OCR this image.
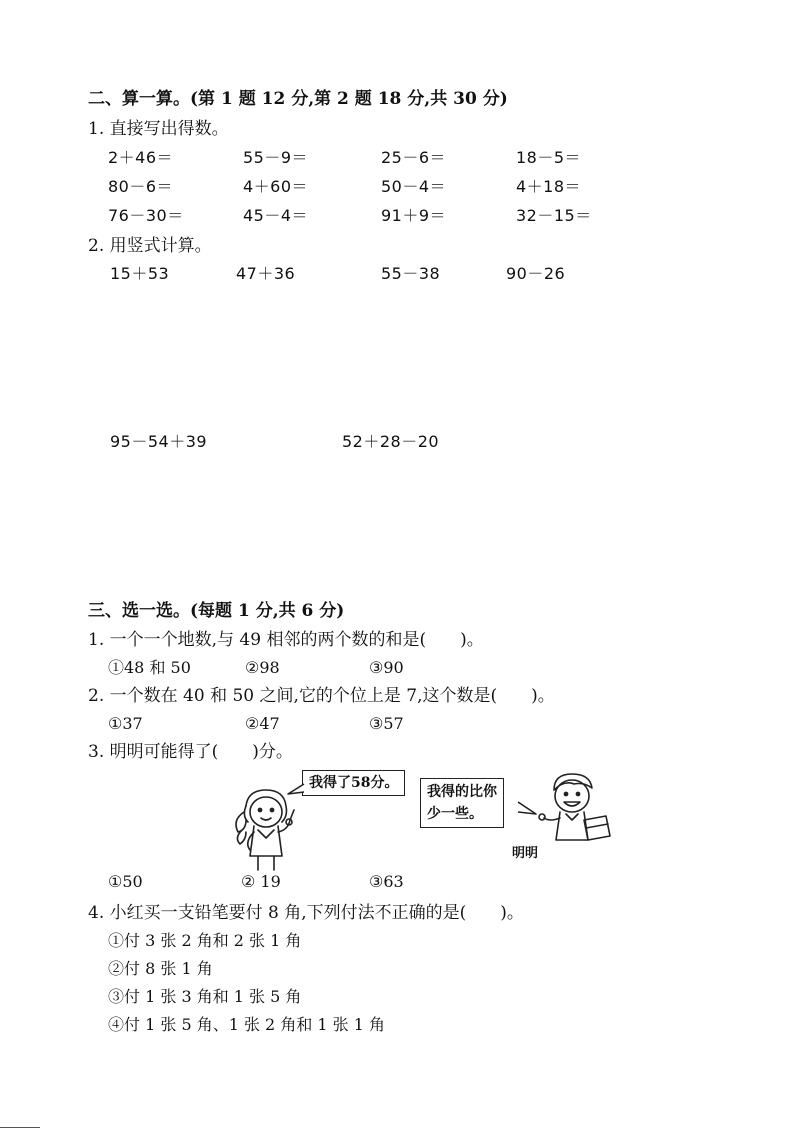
二、算一算。(第 1 题 12 分,第 2 题 18 分,共 30 分)
1. 直接写出得数。
2＋46＝	55－9＝	25－6＝	18－5＝
80－6＝	4＋60＝	50－4＝	4＋18＝
76－30＝	45－4＝	91＋9＝	32－15＝
2. 用竖式计算。
15＋53	47＋36	55－38	90－26
95－54＋39	52＋28－20
三、选一选。(每题 1 分,共 6 分)
1. 一个一个地数,与 49 相邻的两个数的和是(　　)。
①48 和 50	②98	③90
2. 一个数在 40 和 50 之间,它的个位上是 7,这个数是(　　)。
①37	②47	③57
3. 明明可能得了(　　)分。
我得了58分。
我得的比你
少一些。
明明
①50	② 19	③63
4. 小红买一支铅笔要付 8 角,下列付法不正确的是(　　)。
①付 3 张 2 角和 2 张 1 角
②付 8 张 1 角
③付 1 张 3 角和 1 张 5 角
④付 1 张 5 角、1 张 2 角和 1 张 1 角
